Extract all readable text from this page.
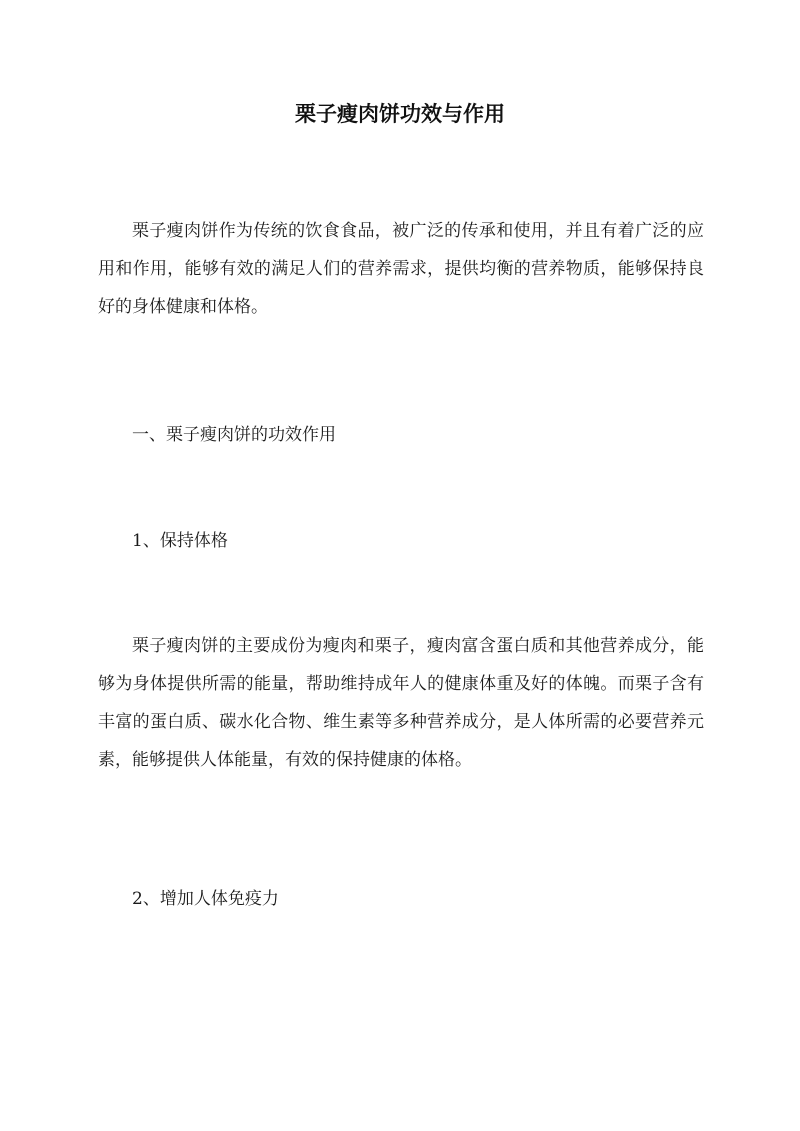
栗子瘦肉饼功效与作用

栗子瘦肉饼作为传统的饮食食品，被广泛的传承和使用，并且有着广泛的应用和作用，能够有效的满足人们的营养需求，提供均衡的营养物质，能够保持良好的身体健康和体格。

一、栗子瘦肉饼的功效作用

1、保持体格

栗子瘦肉饼的主要成份为瘦肉和栗子，瘦肉富含蛋白质和其他营养成分，能够为身体提供所需的能量，帮助维持成年人的健康体重及好的体魄。而栗子含有丰富的蛋白质、碳水化合物、维生素等多种营养成分，是人体所需的必要营养元素，能够提供人体能量，有效的保持健康的体格。

2、增加人体免疫力
